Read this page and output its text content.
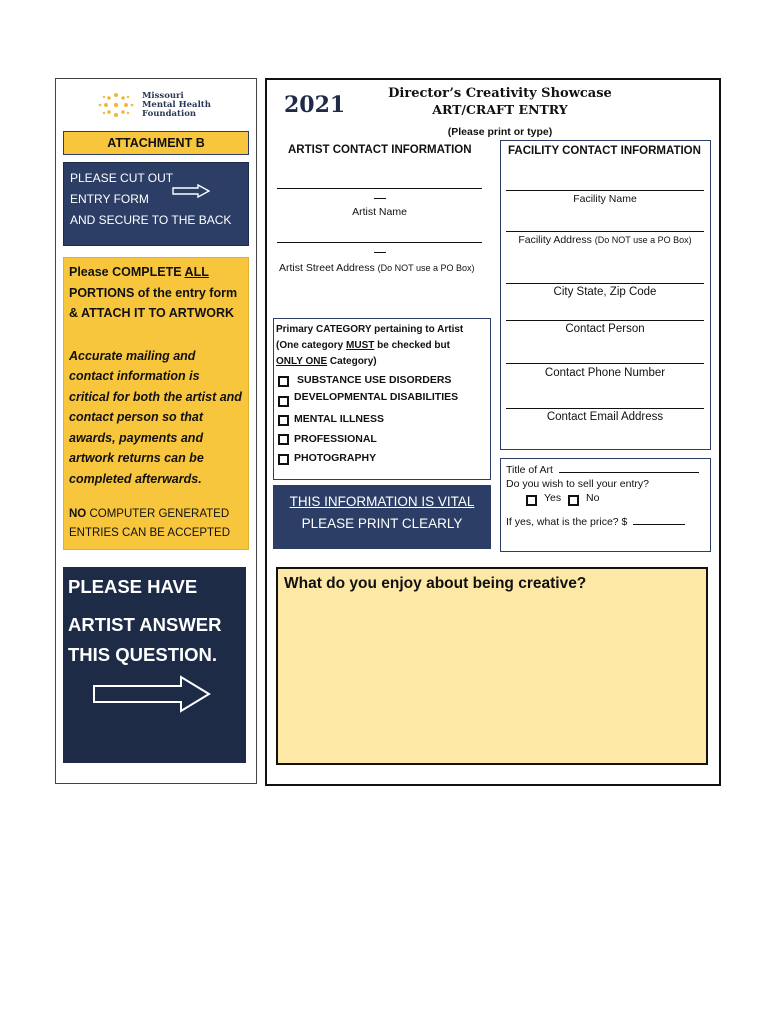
Missouri
Mental Health
Foundation
ATTACHMENT B
PLEASE CUT OUT
ENTRY FORM
AND SECURE TO THE BACK
Please COMPLETE ALL
PORTIONS of the entry form
& ATTACH IT TO ARTWORK
Accurate mailing and contact information is critical for both the artist and contact person so that awards, payments and artwork returns can be completed afterwards.
NO COMPUTER GENERATED ENTRIES CAN BE ACCEPTED
PLEASE HAVE
ARTIST ANSWER
THIS QUESTION.
2021	Director’s Creativity Showcase
ART/CRAFT ENTRY
(Please print or type)
ARTIST CONTACT INFORMATION
Artist Name
Artist Street Address (Do NOT use a PO Box)
FACILITY CONTACT INFORMATION
Facility Name
Facility Address (Do NOT use a PO Box)
City State, Zip Code
Contact Person
Contact Phone Number
Contact Email Address
Primary CATEGORY pertaining to Artist
(One category MUST be checked but
ONLY ONE Category)
SUBSTANCE USE DISORDERS
DEVELOPMENTAL DISABILITIES
MENTAL ILLNESS
PROFESSIONAL
PHOTOGRAPHY
THIS INFORMATION IS VITAL
PLEASE PRINT CLEARLY
Title of Art
Do you wish to sell your entry?
Yes No
If yes, what is the price? $
What do you enjoy about being creative?
